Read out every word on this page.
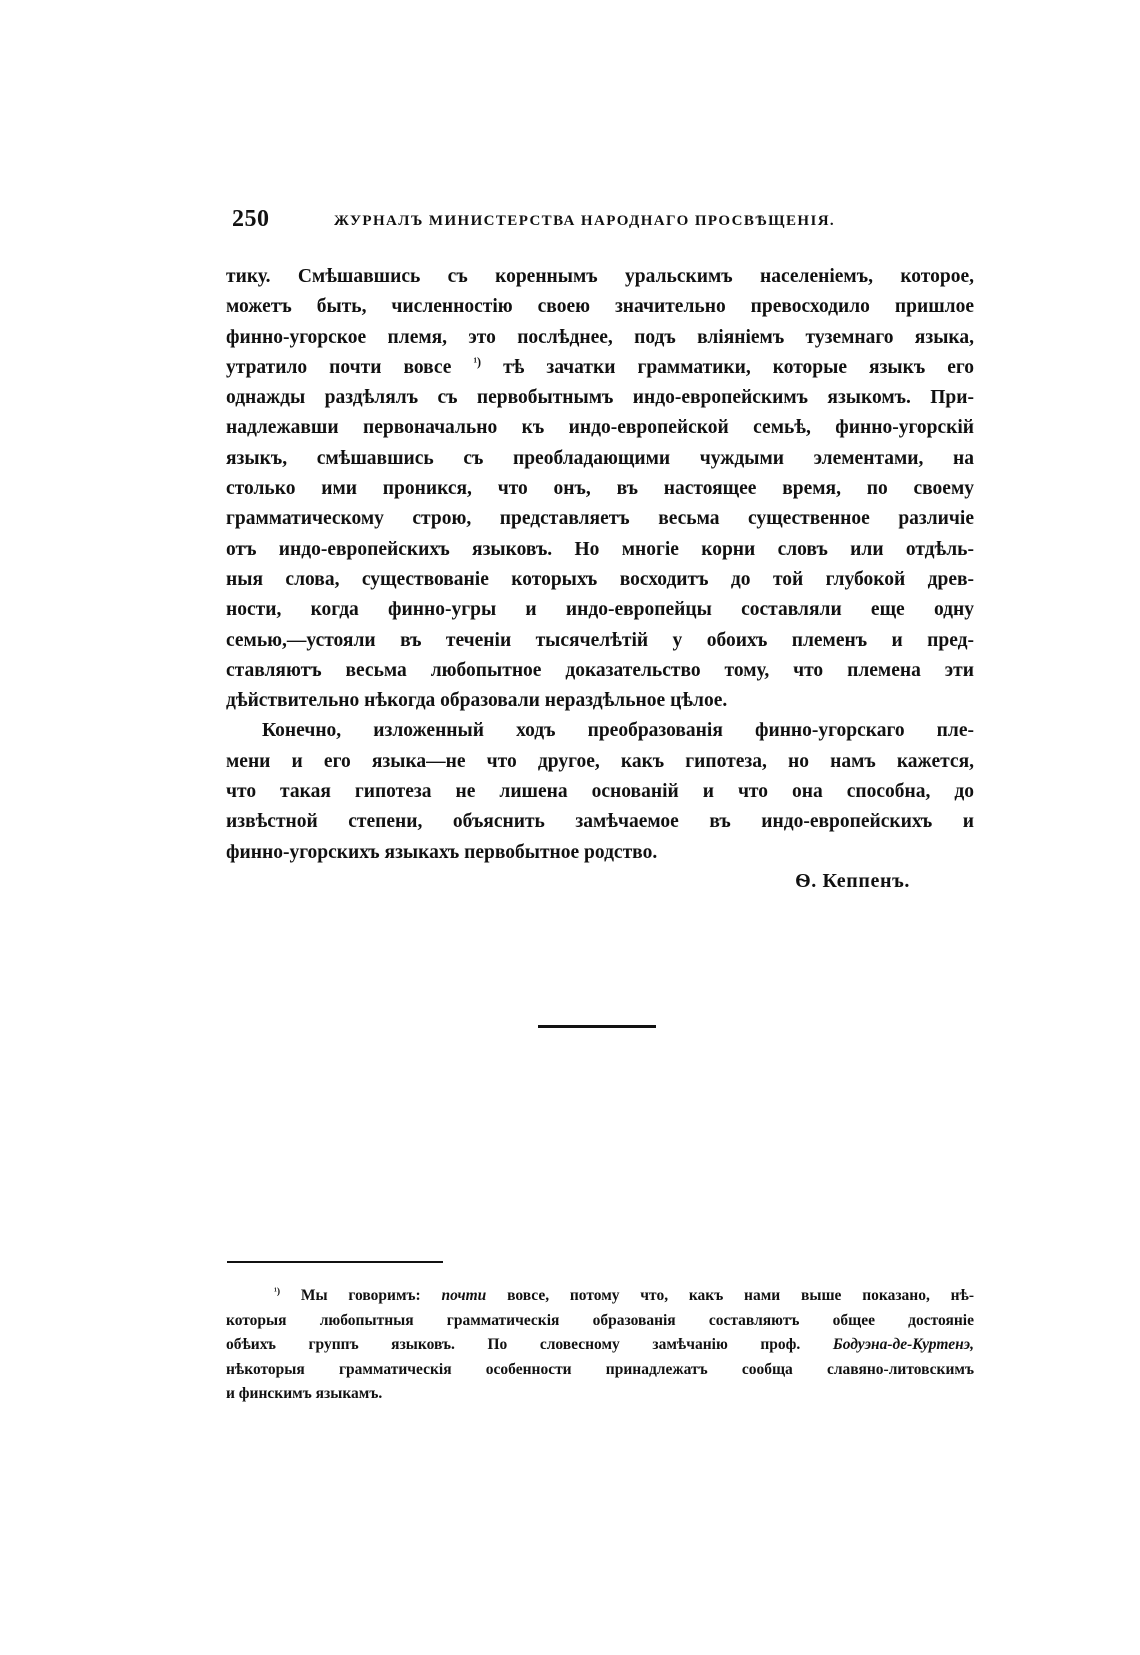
250	ЖУРНАЛЪ МИНИСТЕРСТВА НАРОДНАГО ПРОСВѢЩЕНІЯ.
тику. Смѣшавшись съ кореннымъ уральскимъ населеніемъ, которое,
можетъ быть, численностію своею значительно превосходило пришлое
финно-угорское племя, это послѣднее, подъ вліяніемъ туземнаго языка,
утратило почти вовсе $^{^1)}$ тѣ зачатки грамматики, которые языкъ его
однажды раздѣлялъ съ первобытнымъ индо-европейскимъ языкомъ. При-
надлежавши первоначально къ индо-европейской семьѣ, финно-угорскій
языкъ, смѣшавшись съ преобладающими чуждыми элементами, на
столько ими проникся, что онъ, въ настоящее время, по своему
грамматическому строю, представляетъ весьма существенное различіе
отъ индо-европейскихъ языковъ. Но многіе корни словъ или отдѣль-
ныя слова, существованіе которыхъ восходитъ до той глубокой древ-
ности, когда финно-угры и индо-европейцы составляли еще одну
семью,—устояли въ теченіи тысячелѣтій у обоихъ племенъ и пред-
ставляютъ весьма любопытное доказательство тому, что племена эти
дѣйствительно нѣкогда образовали нераздѣльное цѣлое.
Конечно, изложенный ходъ преобразованія финно-угорскаго пле-
мени и его языка—не что другое, какъ гипотеза, но намъ кажется,
что такая гипотеза не лишена основаній и что она способна, до
извѣстной степени, объяснить замѣчаемое въ индо-европейскихъ и
финно-угорскихъ языкахъ первобытное родство.
Ѳ. Кеппенъ.
$^{^1)}$ Мы говоримъ: почти вовсе, потому что, какъ нами выше показано, нѣ-
которыя любопытныя грамматическія образованія составляютъ общее достояніе
обѣихъ группъ языковъ. По словесному замѣчанію проф. Бодуэна-де-Куртенэ,
нѣкоторыя грамматическія особенности принадлежатъ сообща славяно-литовскимъ
и финскимъ языкамъ.
